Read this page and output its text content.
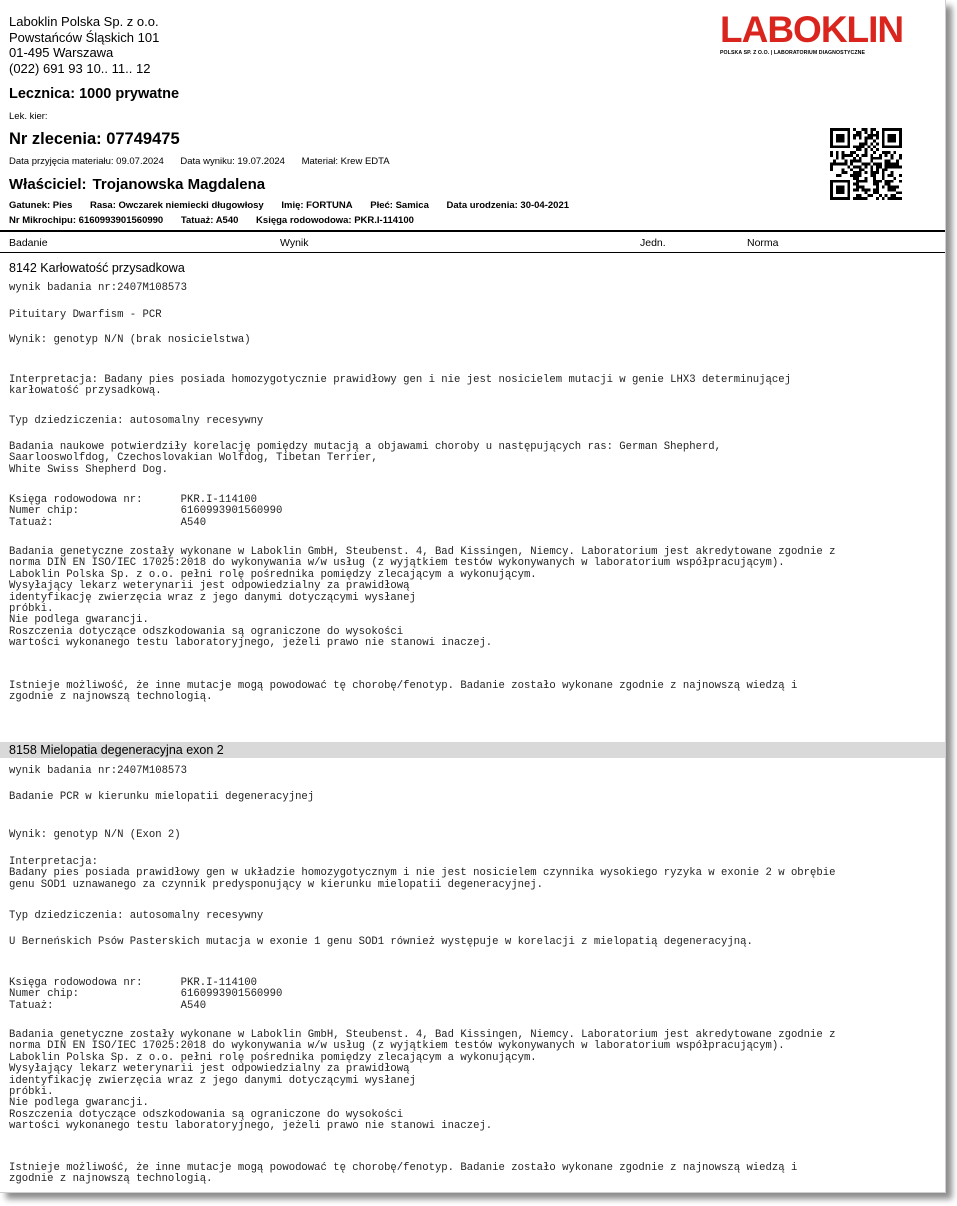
Laboklin Polska Sp. z o.o.
Powstańców Śląskich 101
01-495 Warszawa
(022) 691 93 10.. 11.. 12
LABOKLIN
POLSKA SP. Z O.O. | LABORATORIUM DIAGNOSTYCZNE
Lecznica: 1000 prywatne
Lek. kier:
Nr zlecenia: 07749475
Data przyjęcia materiału: 09.07.2024 Data wyniku: 19.07.2024 Materiał: Krew EDTA
Właściciel: Trojanowska Magdalena
Gatunek: Pies Rasa: Owczarek niemiecki długowłosy Imię: FORTUNA Płeć: Samica Data urodzenia: 30-04-2021
Nr Mikrochipu: 6160993901560990 Tatuaż: A540 Księga rodowodowa: PKR.I-114100
Badanie	Wynik	Jedn.	Norma
8142 Karłowatość przysadkowa
wynik badania nr:2407M108573
Pituitary Dwarfism - PCR
Wynik: genotyp N/N (brak nosicielstwa)
Interpretacja: Badany pies posiada homozygotycznie prawidłowy gen i nie jest nosicielem mutacji w genie LHX3 determinującej
karłowatość przysadkową.
Typ dziedziczenia: autosomalny recesywny
Badania naukowe potwierdziły korelację pomiędzy mutacją a objawami choroby u następujących ras: German Shepherd,
Saarlooswolfdog, Czechoslovakian Wolfdog, Tibetan Terrier,
White Swiss Shepherd Dog.
Księga rodowodowa nr:      PKR.I-114100
Numer chip:                6160993901560990
Tatuaż:                    A540
Badania genetyczne zostały wykonane w Laboklin GmbH, Steubenst. 4, Bad Kissingen, Niemcy. Laboratorium jest akredytowane zgodnie z
norma DIN EN ISO/IEC 17025:2018 do wykonywania w/w usług (z wyjątkiem testów wykonywanych w laboratorium współpracującym).
Laboklin Polska Sp. z o.o. pełni rolę pośrednika pomiędzy zlecającym a wykonującym.
Wysyłający lekarz weterynarii jest odpowiedzialny za prawidłową
identyfikację zwierzęcia wraz z jego danymi dotyczącymi wysłanej
próbki.
Nie podlega gwarancji.
Roszczenia dotyczące odszkodowania są ograniczone do wysokości
wartości wykonanego testu laboratoryjnego, jeżeli prawo nie stanowi inaczej.
Istnieje możliwość, że inne mutacje mogą powodować tę chorobę/fenotyp. Badanie zostało wykonane zgodnie z najnowszą wiedzą i
zgodnie z najnowszą technologią.
8158 Mielopatia degeneracyjna exon 2
wynik badania nr:2407M108573
Badanie PCR w kierunku mielopatii degeneracyjnej
Wynik: genotyp N/N (Exon 2)
Interpretacja:
Badany pies posiada prawidłowy gen w układzie homozygotycznym i nie jest nosicielem czynnika wysokiego ryzyka w exonie 2 w obrębie
genu SOD1 uznawanego za czynnik predysponujący w kierunku mielopatii degeneracyjnej.
Typ dziedziczenia: autosomalny recesywny
U Berneńskich Psów Pasterskich mutacja w exonie 1 genu SOD1 również występuje w korelacji z mielopatią degeneracyjną.
Księga rodowodowa nr:      PKR.I-114100
Numer chip:                6160993901560990
Tatuaż:                    A540
Badania genetyczne zostały wykonane w Laboklin GmbH, Steubenst. 4, Bad Kissingen, Niemcy. Laboratorium jest akredytowane zgodnie z
norma DIN EN ISO/IEC 17025:2018 do wykonywania w/w usług (z wyjątkiem testów wykonywanych w laboratorium współpracującym).
Laboklin Polska Sp. z o.o. pełni rolę pośrednika pomiędzy zlecającym a wykonującym.
Wysyłający lekarz weterynarii jest odpowiedzialny za prawidłową
identyfikację zwierzęcia wraz z jego danymi dotyczącymi wysłanej
próbki.
Nie podlega gwarancji.
Roszczenia dotyczące odszkodowania są ograniczone do wysokości
wartości wykonanego testu laboratoryjnego, jeżeli prawo nie stanowi inaczej.
Istnieje możliwość, że inne mutacje mogą powodować tę chorobę/fenotyp. Badanie zostało wykonane zgodnie z najnowszą wiedzą i
zgodnie z najnowszą technologią.
